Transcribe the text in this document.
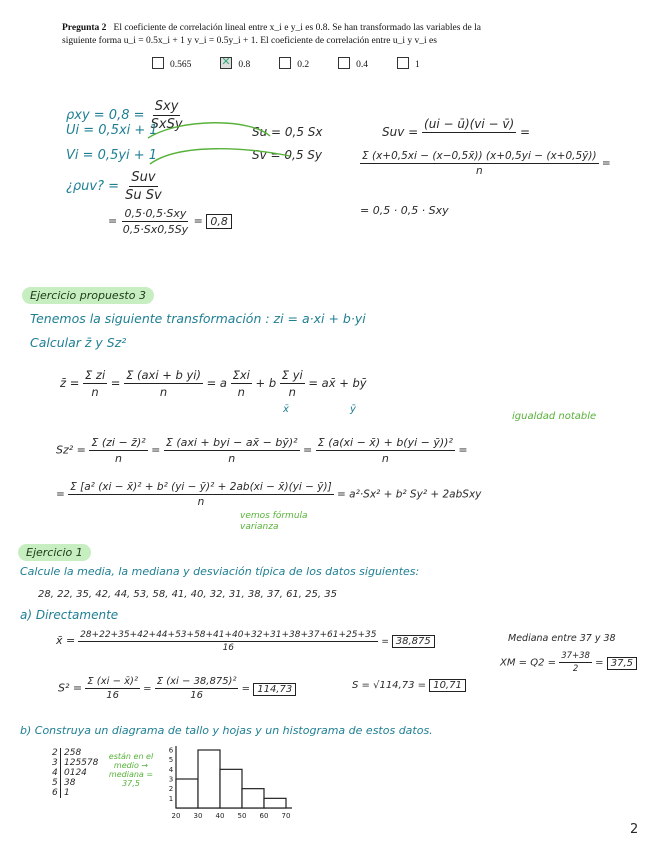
Pregunta 2 El coeficiente de correlación lineal entre x_i e y_i es 0.8. Se han transformado las variables de la
siguiente forma u_i = 0.5x_i + 1 y v_i = 0.5y_i + 1. El coeficiente de correlación entre u_i y v_i es
0.565
✕	0.8	0.2	0.4	1
$\rho xy = 0,8 = \frac{\text{Sxy}}{\text{SxSy}}$
Ui = 0,5xi + 1
Vi = 0,5yi + 1
¿ρuv? = $\frac{\text{Suv}}{\text{Su Sv}}$
= $\frac{\text{0,5·0,5·Sxy}}{0,5\cdot Sx0,5Sy} = 0,8$
Su = 0,5 Sx
Sv = 0,5 Sy
Suv =
(ui − ū)(vi − v̄)

=
$\frac{\Sigma (x+0,5xi - (x-0,5x̄)) (x+0,5yi - (x+0,5ȳ))}{n}$ =
= 0,5 · 0,5 · Sxy
Ejercicio propuesto 3
Tenemos la siguiente transformación : zi = a·xi + b·yi
Calcular z̄ y Sz²
z̄ = $\frac{\text{Σ zi}}{n} = \frac{\text{Σ (axi + b yi)}}{n} = a \frac{\text{Σxi}}{n} + b \frac{\text{Σ yi}}{n}$ = ax̄ + bȳ
x̄	ȳ
igualdad notable
$Sz^2 = \frac{\text{Σ (zi − z̄)²}}{n} = \frac{\text{Σ (axi + byi − ax̄ − bȳ)²}}{n} = \frac{\text{Σ (a(xi − x̄) + b(yi − ȳ))²}}{n}$ =
= $\frac{\text{Σ [a² (xi − x̄)² + b² (yi − ȳ)² + 2ab(xi − x̄)(yi − ȳ)]}}{n} = a^2\cdot Sx^2 + b^2$ Sy² + 2abSxy
vemos fórmula varianza
Ejercicio 1
Calcule la media, la mediana y desviación típica de los datos siguientes:
28, 22, 35, 42, 44, 53, 58, 41, 40, 32, 31, 38, 37, 61, 25, 35
a) Directamente
x̄ = $\frac{28+22+35+42+44+53+58+41+40+32+31+38+37+61+25+35}{16} = 38,875$	Mediana entre 37 y 38
XM = $Q2 = \frac{37+38}{2} = 37,5$
$S^2 = \frac{\text{Σ (xi − x̄)²}}{16} = \frac{\text{Σ (xi − 38,875)²}}{16} = 114,73$	S = √114,73 = 10,71
b) Construya un diagrama de tallo y hojas y un histograma de estos datos.
2 258
3 125578
4 0124
5 38
6 1
están en el medio → mediana = 37,5
20 30 40 50 60 70
1
2
3
4
5
6
2
